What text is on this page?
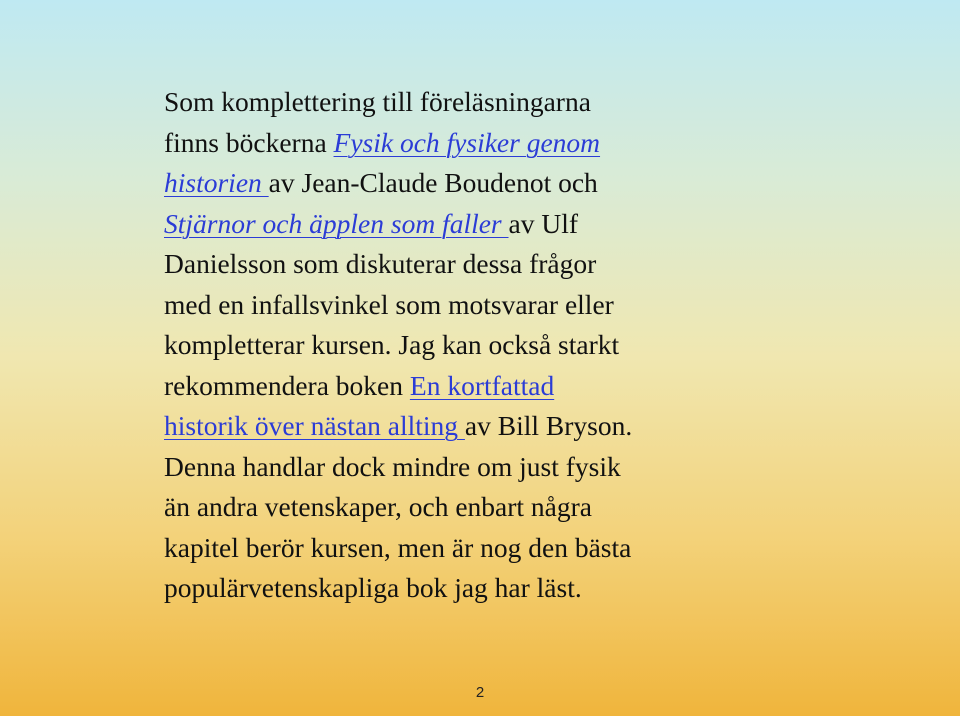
Som komplettering till föreläsningarna
finns böckerna Fysik och fysiker genom
historien av Jean-Claude Boudenot och
Stjärnor och äpplen som faller av Ulf
Danielsson som diskuterar dessa frågor
med en infallsvinkel som motsvarar eller
kompletterar kursen. Jag kan också starkt
rekommendera boken En kortfattad
historik över nästan allting av Bill Bryson.
Denna handlar dock mindre om just fysik
än andra vetenskaper, och enbart några
kapitel berör kursen, men är nog den bästa
populärvetenskapliga bok jag har läst.
2
